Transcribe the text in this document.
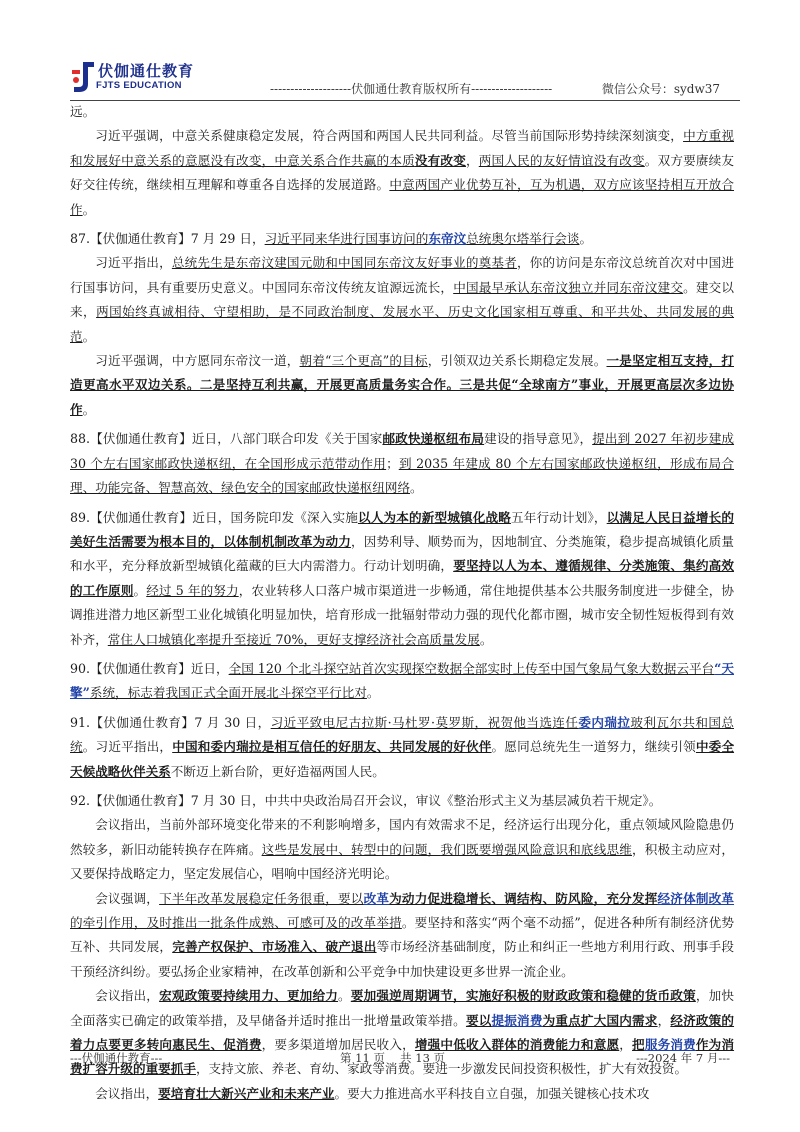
伏伽通仕教育
FJTS EDUCATION	--------------------伏伽通仕教育版权所有--------------------	微信公众号：sydw37

远。

习近平强调，中意关系健康稳定发展，符合两国和两国人民共同利益。尽管当前国际形势持续深刻演变，中方重视和发展好中意关系的意愿没有改变，中意关系合作共赢的本质没有改变，两国人民的友好情谊没有改变。双方要赓续友好交往传统，继续相互理解和尊重各自选择的发展道路。中意两国产业优势互补，互为机遇，双方应该坚持相互开放合作。

87.【伏伽通仕教育】7 月 29 日，习近平同来华进行国事访问的东帝汶总统奥尔塔举行会谈。

习近平指出，总统先生是东帝汶建国元勋和中国同东帝汶友好事业的奠基者，你的访问是东帝汶总统首次对中国进行国事访问，具有重要历史意义。中国同东帝汶传统友谊源远流长，中国最早承认东帝汶独立并同东帝汶建交。建交以来，两国始终真诚相待、守望相助，是不同政治制度、发展水平、历史文化国家相互尊重、和平共处、共同发展的典范。

习近平强调，中方愿同东帝汶一道，朝着“三个更高”的目标，引领双边关系长期稳定发展。一是坚定相互支持，打造更高水平双边关系。二是坚持互利共赢，开展更高质量务实合作。三是共促“全球南方”事业，开展更高层次多边协作。

88.【伏伽通仕教育】近日，八部门联合印发《关于国家邮政快递枢纽布局建设的指导意见》，提出到 2027 年初步建成 30 个左右国家邮政快递枢纽，在全国形成示范带动作用；到 2035 年建成 80 个左右国家邮政快递枢纽，形成布局合理、功能完备、智慧高效、绿色安全的国家邮政快递枢纽网络。

89.【伏伽通仕教育】近日，国务院印发《深入实施以人为本的新型城镇化战略五年行动计划》，以满足人民日益增长的美好生活需要为根本目的，以体制机制改革为动力，因势利导、顺势而为，因地制宜、分类施策，稳步提高城镇化质量和水平，充分释放新型城镇化蕴藏的巨大内需潜力。行动计划明确，要坚持以人为本、遵循规律、分类施策、集约高效的工作原则。经过 5 年的努力，农业转移人口落户城市渠道进一步畅通，常住地提供基本公共服务制度进一步健全，协调推进潜力地区新型工业化城镇化明显加快，培育形成一批辐射带动力强的现代化都市圈，城市安全韧性短板得到有效补齐，常住人口城镇化率提升至接近 70%，更好支撑经济社会高质量发展。

90.【伏伽通仕教育】近日，全国 120 个北斗探空站首次实现探空数据全部实时上传至中国气象局气象大数据云平台“天擎”系统，标志着我国正式全面开展北斗探空平行比对。

91.【伏伽通仕教育】7 月 30 日，习近平致电尼古拉斯·马杜罗·莫罗斯，祝贺他当选连任委内瑞拉玻利瓦尔共和国总统。习近平指出，中国和委内瑞拉是相互信任的好朋友、共同发展的好伙伴。愿同总统先生一道努力，继续引领中委全天候战略伙伴关系不断迈上新台阶，更好造福两国人民。

92.【伏伽通仕教育】7 月 30 日，中共中央政治局召开会议，审议《整治形式主义为基层减负若干规定》。

会议指出，当前外部环境变化带来的不利影响增多，国内有效需求不足，经济运行出现分化，重点领域风险隐患仍然较多，新旧动能转换存在阵痛。这些是发展中、转型中的问题，我们既要增强风险意识和底线思维，积极主动应对，又要保持战略定力，坚定发展信心，唱响中国经济光明论。

会议强调，下半年改革发展稳定任务很重，要以改革为动力促进稳增长、调结构、防风险，充分发挥经济体制改革的牵引作用，及时推出一批条件成熟、可感可及的改革举措。要坚持和落实“两个毫不动摇”，促进各种所有制经济优势互补、共同发展，完善产权保护、市场准入、破产退出等市场经济基础制度，防止和纠正一些地方利用行政、刑事手段干预经济纠纷。要弘扬企业家精神，在改革创新和公平竞争中加快建设更多世界一流企业。

会议指出，宏观政策要持续用力、更加给力。要加强逆周期调节，实施好积极的财政政策和稳健的货币政策，加快全面落实已确定的政策举措，及早储备并适时推出一批增量政策举措。要以提振消费为重点扩大国内需求，经济政策的着力点要更多转向惠民生、促消费，要多渠道增加居民收入，增强中低收入群体的消费能力和意愿，把服务消费作为消费扩容升级的重要抓手，支持文旅、养老、育幼、家政等消费。要进一步激发民间投资积极性，扩大有效投资。

会议指出，要培育壮大新兴产业和未来产业。要大力推进高水平科技自立自强，加强关键核心技术攻

---伏伽通仕教育---	第 11 页　 共 13 页	---2024 年 7 月---
